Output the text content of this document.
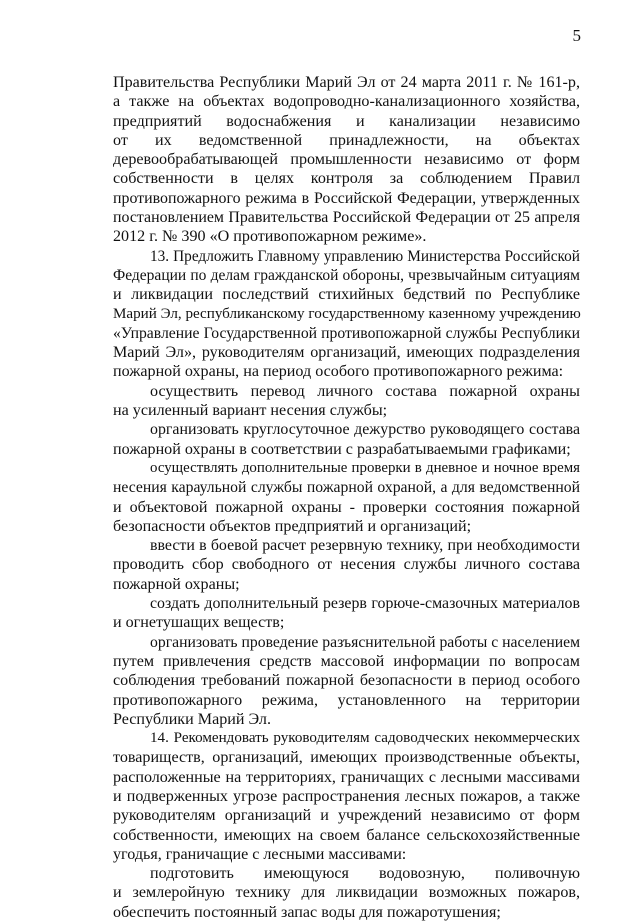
5
Правительства Республики Марий Эл от 24 марта 2011 г. № 161-р,
а также на объектах водопроводно-канализационного хозяйства,
предприятий водоснабжения и канализации независимо
от их ведомственной принадлежности, на объектах
деревообрабатывающей промышленности независимо от форм
собственности в целях контроля за соблюдением Правил
противопожарного режима в Российской Федерации, утвержденных
постановлением Правительства Российской Федерации от 25 апреля
2012 г. № 390 «О противопожарном режиме».
13. Предложить Главному управлению Министерства Российской
Федерации по делам гражданской обороны, чрезвычайным ситуациям
и ликвидации последствий стихийных бедствий по Республике
Марий Эл, республиканскому государственному казенному учреждению
«Управление Государственной противопожарной службы Республики
Марий Эл», руководителям организаций, имеющих подразделения
пожарной охраны, на период особого противопожарного режима:
осуществить перевод личного состава пожарной охраны
на усиленный вариант несения службы;
организовать круглосуточное дежурство руководящего состава
пожарной охраны в соответствии с разрабатываемыми графиками;
осуществлять дополнительные проверки в дневное и ночное время
несения караульной службы пожарной охраной, а для ведомственной
и объектовой пожарной охраны - проверки состояния пожарной
безопасности объектов предприятий и организаций;
ввести в боевой расчет резервную технику, при необходимости
проводить сбор свободного от несения службы личного состава
пожарной охраны;
создать дополнительный резерв горюче-смазочных материалов
и огнетушащих веществ;
организовать проведение разъяснительной работы с населением
путем привлечения средств массовой информации по вопросам
соблюдения требований пожарной безопасности в период особого
противопожарного режима, установленного на территории
Республики Марий Эл.
14. Рекомендовать руководителям садоводческих некоммерческих
товариществ, организаций, имеющих производственные объекты,
расположенные на территориях, граничащих с лесными массивами
и подверженных угрозе распространения лесных пожаров, а также
руководителям организаций и учреждений независимо от форм
собственности, имеющих на своем балансе сельскохозяйственные
угодья, граничащие с лесными массивами:
подготовить имеющуюся водовозную, поливочную
и землеройную технику для ликвидации возможных пожаров,
обеспечить постоянный запас воды для пожаротушения;
